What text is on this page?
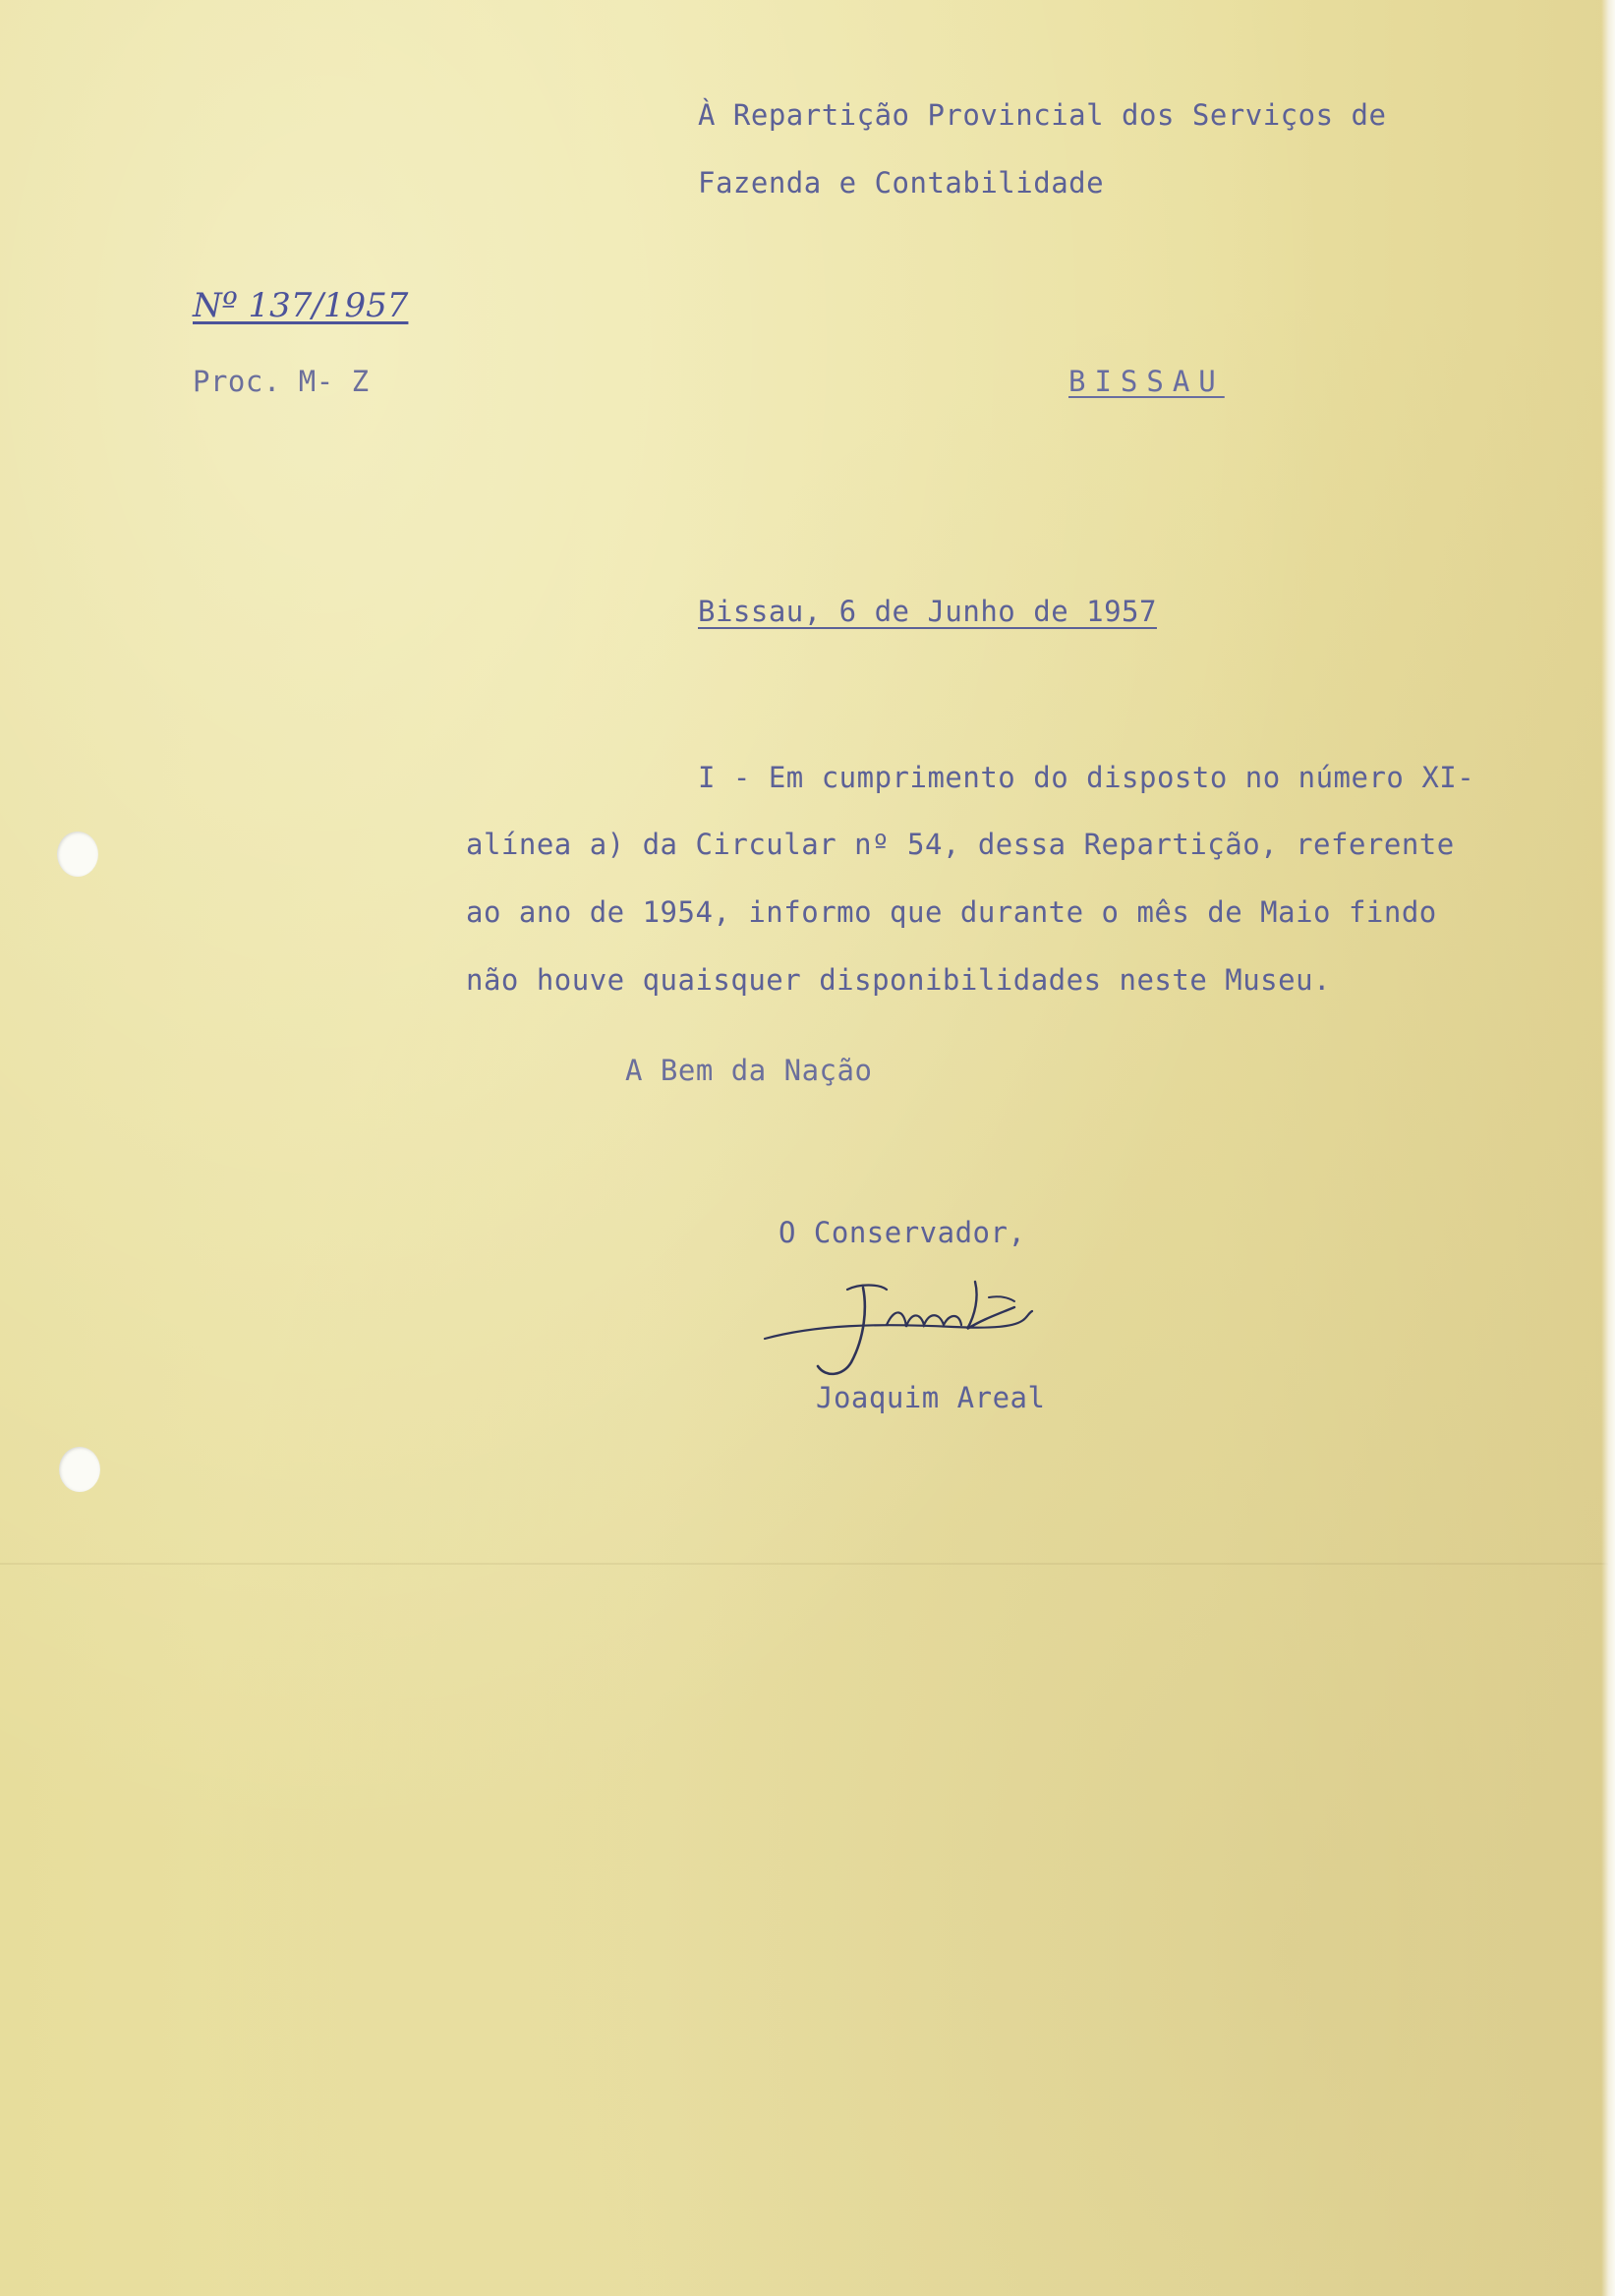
À Repartição Provincial dos Serviços de

Fazenda e Contabilidade

Nº 137/1957

Proc. M- Z	BISSAU

Bissau, 6 de Junho de 1957

I - Em cumprimento do disposto no número XI-

alínea a) da Circular nº 54, dessa Repartição, referente

ao ano de 1954, informo que durante o mês de Maio findo

não houve quaisquer disponibilidades neste Museu.

A Bem da Nação

O Conservador,

Joaquim Areal
